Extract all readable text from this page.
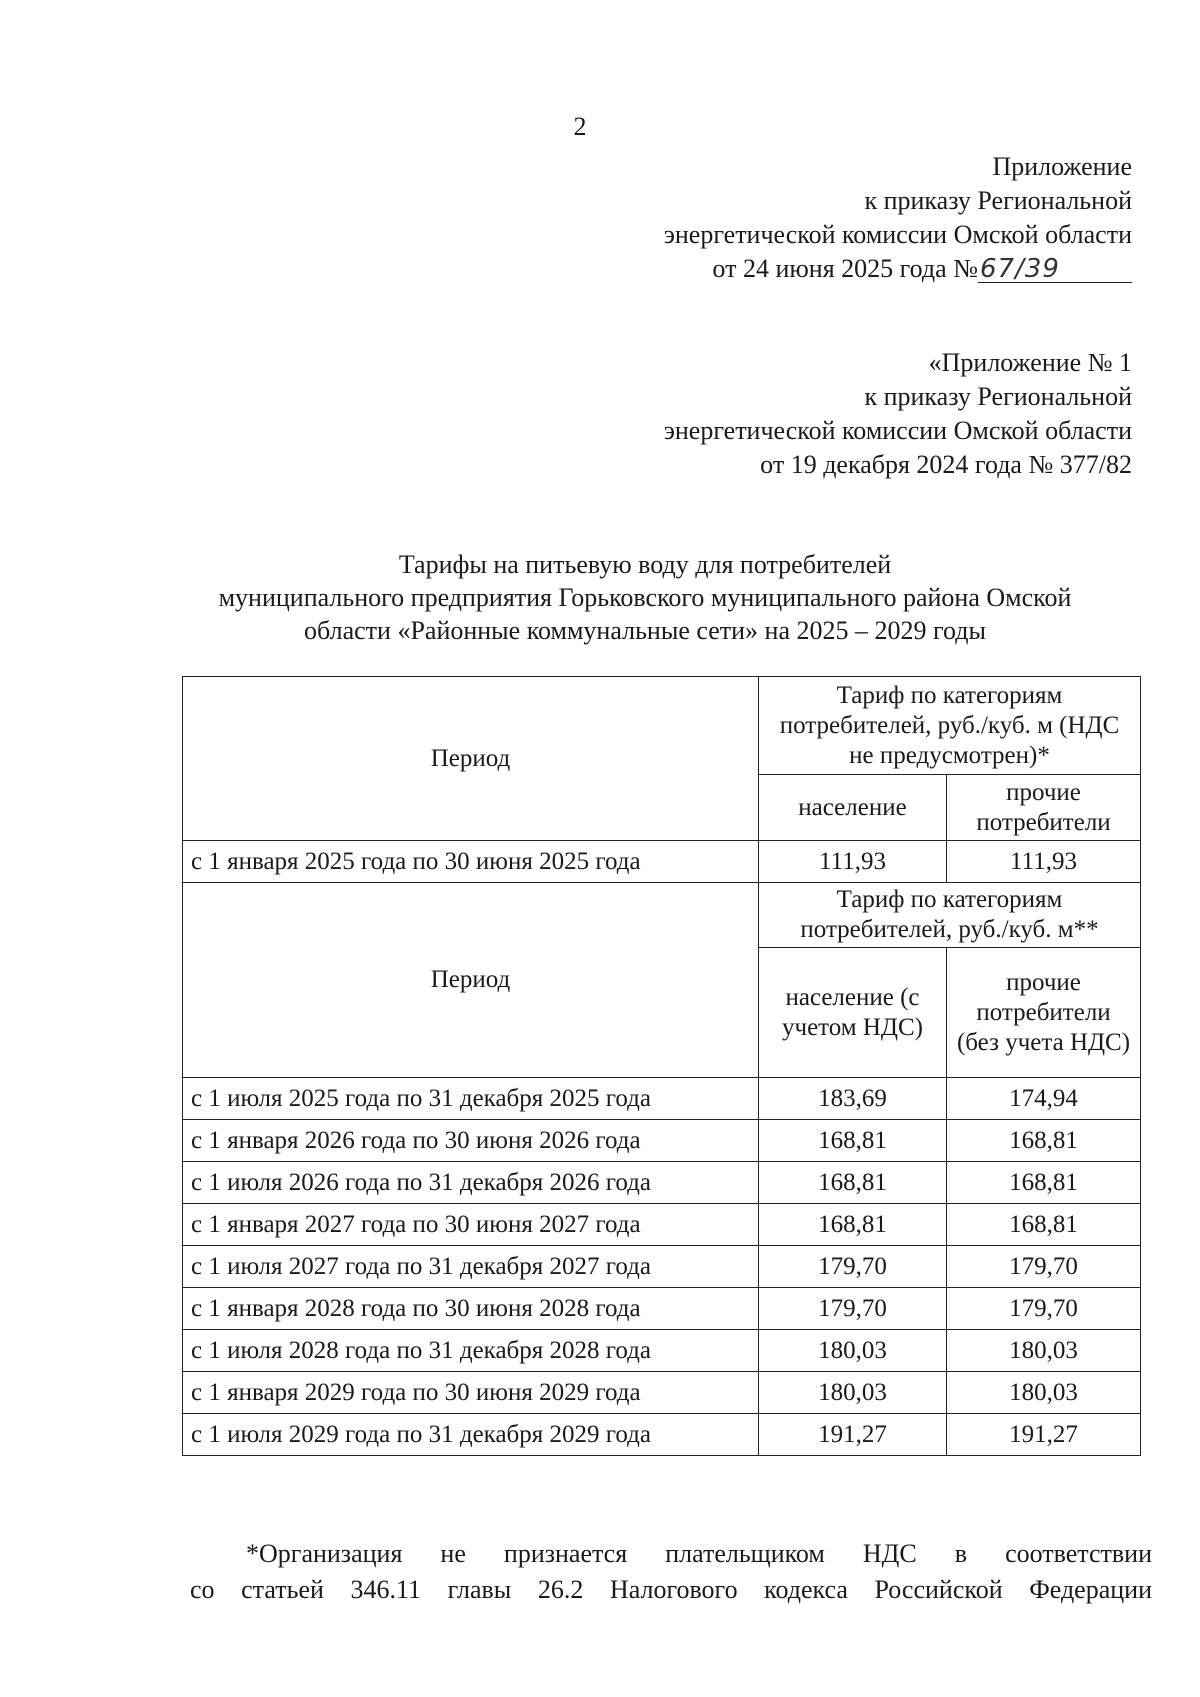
2
Приложение
к приказу Региональной
энергетической комиссии Омской области
от 24 июня 2025 года №67/39
«Приложение № 1
к приказу Региональной
энергетической комиссии Омской области
от 19 декабря 2024 года № 377/82
Тарифы на питьевую воду для потребителей
муниципального предприятия Горьковского муниципального района Омской
области «Районные коммунальные сети» на 2025 – 2029 годы
Период	Тариф по категориям потребителей, руб./куб. м (НДС не предусмотрен)*	
	население	прочие потребители
с 1 января 2025 года по 30 июня 2025 года	111,93	111,93
Период	Тариф по категориям потребителей, руб./куб. м**	
	население (с учетом НДС)	прочие потребители (без учета НДС)
с 1 июля 2025 года по 31 декабря 2025 года	183,69	174,94
с 1 января 2026 года по 30 июня 2026 года	168,81	168,81
с 1 июля 2026 года по 31 декабря 2026 года	168,81	168,81
с 1 января 2027 года по 30 июня 2027 года	168,81	168,81
с 1 июля 2027 года по 31 декабря 2027 года	179,70	179,70
с 1 января 2028 года по 30 июня 2028 года	179,70	179,70
с 1 июля 2028 года по 31 декабря 2028 года	180,03	180,03
с 1 января 2029 года по 30 июня 2029 года	180,03	180,03
с 1 июля 2029 года по 31 декабря 2029 года	191,27	191,27
*Организация не признается плательщиком НДС в соответствии
со статьей 346.11 главы 26.2 Налогового кодекса Российской Федерации
